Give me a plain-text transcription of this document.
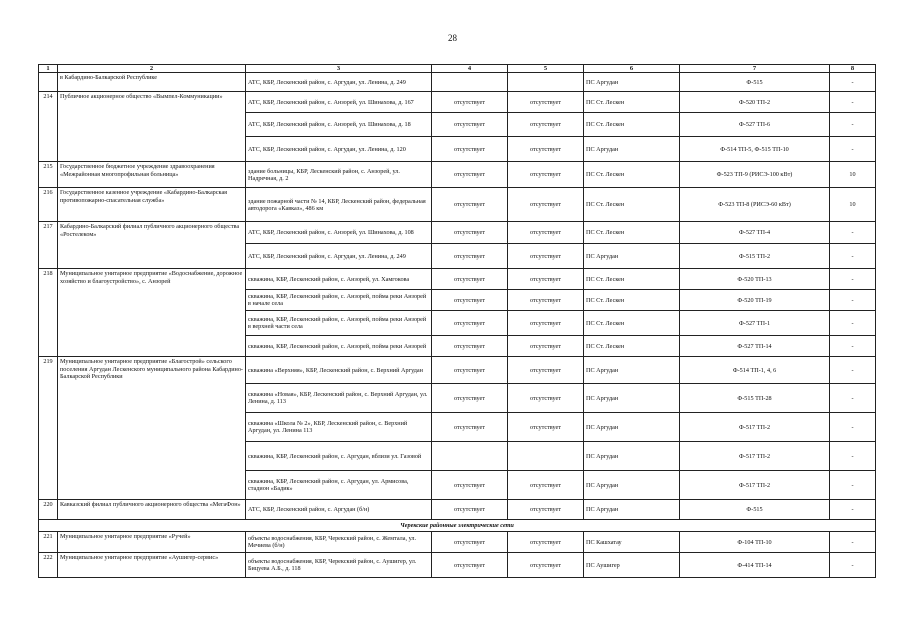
28
1	2	3	4	5	6	7	8
	в Кабардино-Балкарской Республике	АТС, КБР, Лескенский район, с. Аргудан, ул. Ленина, д. 249			ПС Аргудан	Ф-515	-
214	Публичное акционерное общество «Вымпел-Коммуникации»	АТС, КБР, Лескенский район, с. Анзорей, ул. Шинахова, д. 167	отсутствует	отсутствует	ПС Ст. Лескен	Ф-520 ТП-2	-
		АТС, КБР, Лескенский район, с. Анзорей, ул. Шинахова, д. 18	отсутствует	отсутствует	ПС Ст. Лескен	Ф-527 ТП-6	-
		АТС, КБР, Лескенский район, с. Аргудан, ул. Ленина, д. 120	отсутствует	отсутствует	ПС Аргудан	Ф-514 ТП-5, Ф-515 ТП-10	-
215	Государственное бюджетное учреждение здравоохранения «Межрайонная многопрофильная больница»	здание больницы, КБР, Лескенский район, с. Анзорей, ул. Надречная, д. 2	отсутствует	отсутствует	ПС Ст. Лескен	Ф-523 ТП-9 (РИСЭ-100 кВт)	10
216	Государственное казенное учреждение «Кабардино-Балкарская противопожарно-спасательная служба»	здание пожарной части № 14, КБР, Лескенский район, федеральная автодорога «Кавказ», 486 км	отсутствует	отсутствует	ПС Ст. Лескен	Ф-523 ТП-8 (РИСЭ-60 кВт)	10
217	Кабардино-Балкарский филиал публичного акционерного общества «Ростелеком»	АТС, КБР, Лескенский район, с. Анзорей, ул. Шинахова, д. 108	отсутствует	отсутствует	ПС Ст. Лескен	Ф-527 ТП-4	-
		АТС, КБР, Лескенский район, с. Аргудан, ул. Ленина, д. 249	отсутствует	отсутствует	ПС Аргудан	Ф-515 ТП-2	-
218	Муниципальное унитарное предприятие «Водоснабжение, дорожное хозяйство и благоустройство», с. Анзорей	скважина, КБР, Лескенский район, с. Анзорей, ул. Хамгокова	отсутствует	отсутствует	ПС Ст. Лескен	Ф-520 ТП-13	-
		скважина, КБР, Лескенский район, с. Анзорей, пойма реки Анзорей в начале села	отсутствует	отсутствует	ПС Ст. Лескен	Ф-520 ТП-19	-
		скважина, КБР, Лескенский район, с. Анзорей, пойма реки Анзорей в верхней части села	отсутствует	отсутствует	ПС Ст. Лескен	Ф-527 ТП-1	-
		скважина, КБР, Лескенский район, с. Анзорей, пойма реки Анзорей	отсутствует	отсутствует	ПС Ст. Лескен	Ф-527 ТП-14	-
219	Муниципальное унитарное предприятие «Благострой» сельского поселения Аргудан Лескенского муниципального района Кабардино-Балкарской Республики	скважина «Верхняя», КБР, Лескенский район, с. Верхний Аргудан	отсутствует	отсутствует	ПС Аргудан	Ф-514 ТП-1, 4, 6	-
		скважина «Новая», КБР, Лескенский район, с. Верхний Аргудан, ул. Ленина, д. 113	отсутствует	отсутствует	ПС Аргудан	Ф-515 ТП-28	-
		скважина «Школа № 2», КБР, Лескенский район, с. Верхний Аргудан, ул. Ленина 113	отсутствует	отсутствует	ПС Аргудан	Ф-517 ТП-2	-
		скважина, КБР, Лескенский район, с. Аргудан, вблизи ул. Газовой			ПС Аргудан	Ф-517 ТП-2	-
		скважина, КБР, Лескенский район, с. Аргудан, ул. Армисова, стадион «Бадик»	отсутствует	отсутствует	ПС Аргудан	Ф-517 ТП-2	-
220	Кавказский филиал публичного акционерного общества «МегаФон»	АТС, КБР, Лескенский район, с. Аргудан (б/н)	отсутствует	отсутствует	ПС Аргудан	Ф-515	-
Черекские районные электрические сети							
221	Муниципальное унитарное предприятие «Ручей»	объекты водоснабжения, КБР, Черекский район, с. Жемтала, ул. Мечиева (б/н)	отсутствует	отсутствует	ПС Кашхатау	Ф-104 ТП-10	-
222	Муниципальное унитарное предприятие «Аушигер-сервис»	объекты водоснабжения, КБР, Черекский район, с. Аушигер, ул. Бицуева А.Б., д. 118	отсутствует	отсутствует	ПС Аушигер	Ф-414 ТП-14	-
